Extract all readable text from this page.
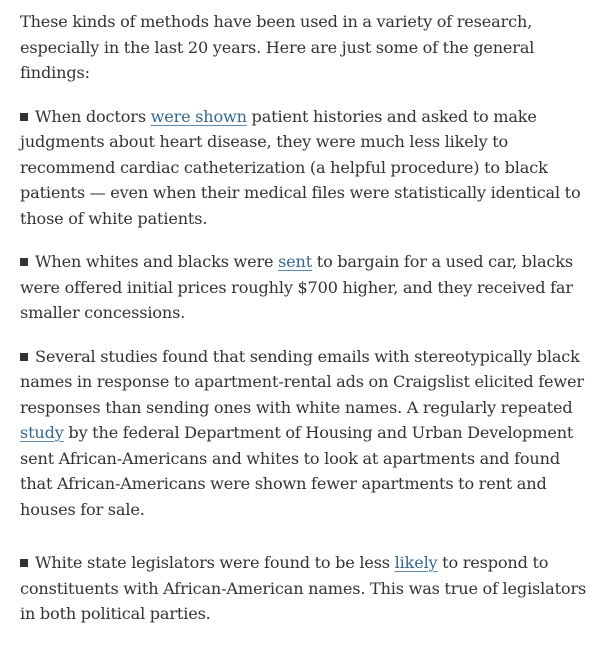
These kinds of methods have been used in a variety of research, especially in the last 20 years. Here are just some of the general findings:

When doctors were shown patient histories and asked to make judgments about heart disease, they were much less likely to recommend cardiac catheterization (a helpful procedure) to black patients — even when their medical files were statistically identical to those of white patients.

When whites and blacks were sent to bargain for a used car, blacks were offered initial prices roughly $700 higher, and they received far smaller concessions.

Several studies found that sending emails with stereotypically black names in response to apartment-rental ads on Craigslist elicited fewer responses than sending ones with white names. A regularly repeated study by the federal Department of Housing and Urban Development sent African-Americans and whites to look at apartments and found that African-Americans were shown fewer apartments to rent and houses for sale.

White state legislators were found to be less likely to respond to constituents with African-American names. This was true of legislators in both political parties.
